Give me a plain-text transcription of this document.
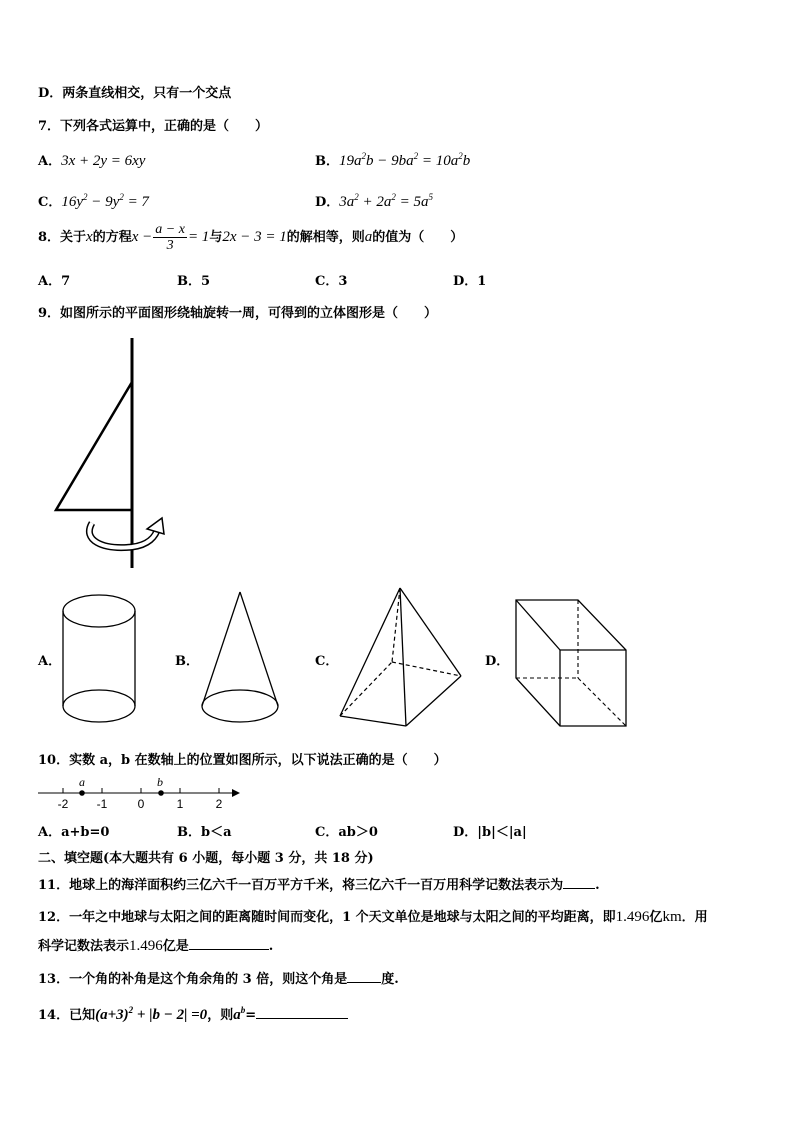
D．两条直线相交，只有一个交点
7．下列各式运算中，正确的是（　　）
A．3x + 2y = 6xy	B．$19a^2b - 9ba^2 = 10a^2b$
C．$16y^2 - 9y^2 = 7$	D．$3a^2 + 2a^2 = 5a^5$
8．关于x的方程$x - \frac{a - x}{3} = 1$与2x − 3 = 1的解相等，则a的值为（　　）
A．7	B．5	C．3	D．1
9．如图所示的平面图形绕轴旋转一周，可得到的立体图形是（　　）
A．	B．	C．	D．
10．实数 a，b 在数轴上的位置如图所示，以下说法正确的是（　　）
-2 -1	0	1	2
a	b
A．a+b=0	B．b＜a	C．ab＞0	D．|b|＜|a|
二、填空题(本大题共有 6 小题，每小题 3 分，共 18 分)
11．地球上的海洋面积约三亿六千一百万平方千米，将三亿六千一百万用科学记数法表示为 .
12．一年之中地球与太阳之间的距离随时间而变化，1 个天文单位是地球与太阳之间的平均距离，即1.496亿km．用
科学记数法表示1.496亿是	.
13．一个角的补角是这个角余角的 3 倍，则这个角是	度.
14．已知$(a+3)^2 + |b - 2| =0$，则$a^b=$
